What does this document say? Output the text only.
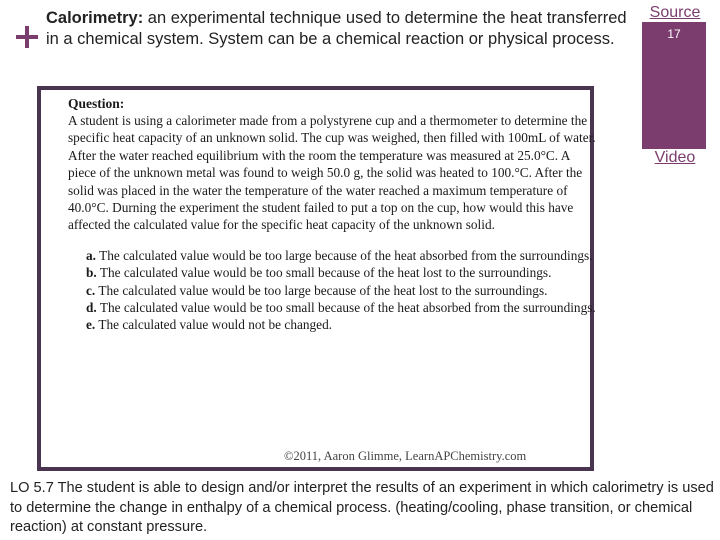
Calorimetry: an experimental technique used to determine the heat transferred in a chemical system. System can be a chemical reaction or physical process.	17
Source
Video
Question:
A student is using a calorimeter made from a polystyrene cup and a thermometer to determine the specific heat capacity of an unknown solid. The cup was weighed, then filled with 100mL of water. After the water reached equilibrium with the room the temperature was measured at 25.0°C. A piece of the unknown metal was found to weigh 50.0 g, the solid was heated to 100.°C. After the solid was placed in the water the temperature of the water reached a maximum temperature of 40.0°C. Durning the experiment the student failed to put a top on the cup, how would this have affected the calculated value for the specific heat capacity of the unknown solid.
a. The calculated value would be too large because of the heat absorbed from the surroundings.
b. The calculated value would be too small because of the heat lost to the surroundings.
c. The calculated value would be too large because of the heat lost to the surroundings.
d. The calculated value would be too small because of the heat absorbed from the surroundings.
e. The calculated value would not be changed.
©2011, Aaron Glimme, LearnAPChemistry.com
LO 5.7 The student is able to design and/or interpret the results of an experiment in which calorimetry is used to determine the change in enthalpy of a chemical process. (heating/cooling, phase transition, or chemical reaction) at constant pressure.
